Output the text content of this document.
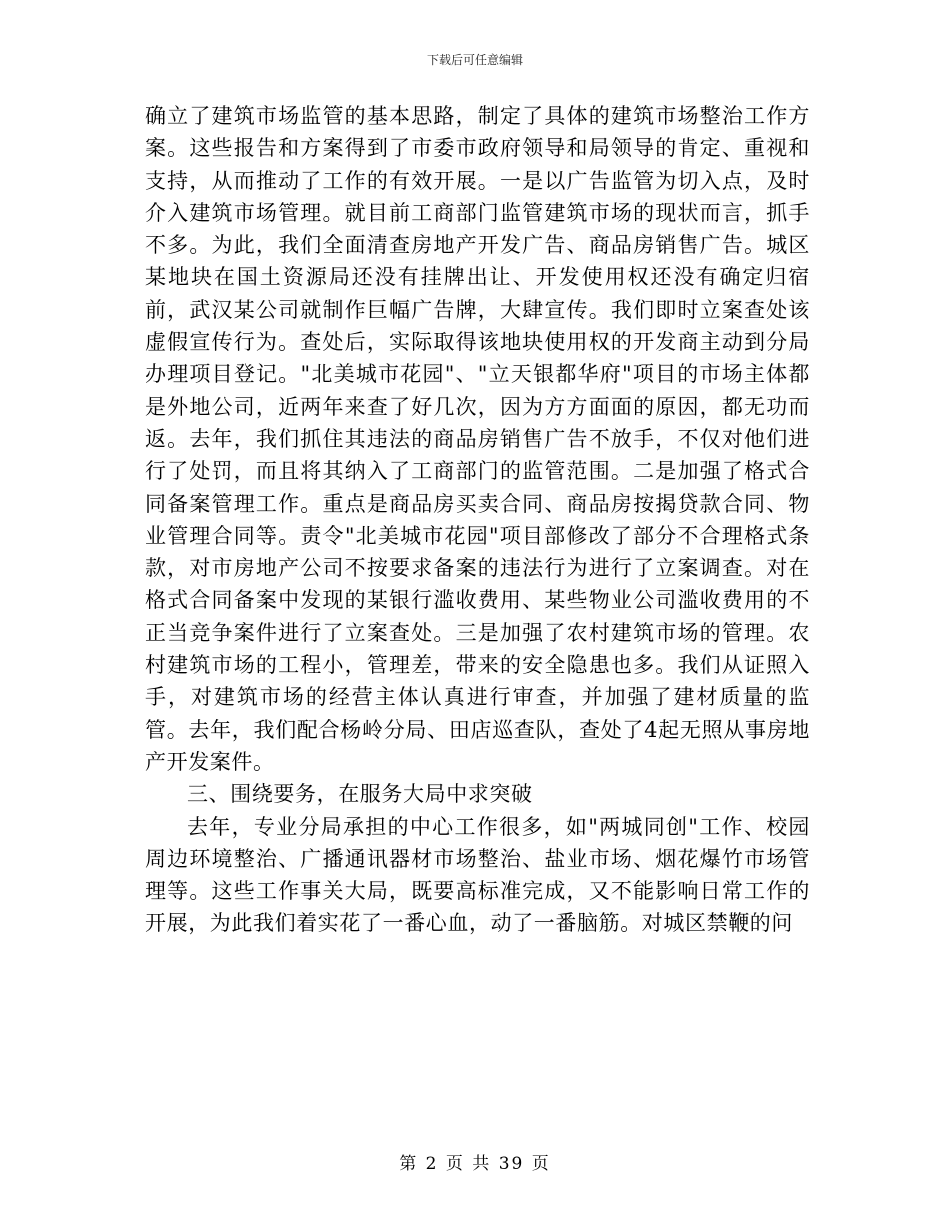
下载后可任意编辑

确立了建筑市场监管的基本思路，制定了具体的建筑市场整治工作方案。这些报告和方案得到了市委市政府领导和局领导的肯定、重视和支持，从而推动了工作的有效开展。一是以广告监管为切入点，及时介入建筑市场管理。就目前工商部门监管建筑市场的现状而言，抓手不多。为此，我们全面清查房地产开发广告、商品房销售广告。城区某地块在国土资源局还没有挂牌出让、开发使用权还没有确定归宿前，武汉某公司就制作巨幅广告牌，大肆宣传。我们即时立案查处该虚假宣传行为。查处后，实际取得该地块使用权的开发商主动到分局办理项目登记。"北美城市花园"、"立天银都华府"项目的市场主体都是外地公司，近两年来查了好几次，因为方方面面的原因，都无功而返。去年，我们抓住其违法的商品房销售广告不放手，不仅对他们进行了处罚，而且将其纳入了工商部门的监管范围。二是加强了格式合同备案管理工作。重点是商品房买卖合同、商品房按揭贷款合同、物业管理合同等。责令"北美城市花园"项目部修改了部分不合理格式条款，对市房地产公司不按要求备案的违法行为进行了立案调查。对在格式合同备案中发现的某银行滥收费用、某些物业公司滥收费用的不正当竞争案件进行了立案查处。三是加强了农村建筑市场的管理。农村建筑市场的工程小，管理差，带来的安全隐患也多。我们从证照入手，对建筑市场的经营主体认真进行审查，并加强了建材质量的监管。去年，我们配合杨岭分局、田店巡查队，查处了4起无照从事房地产开发案件。

三、围绕要务，在服务大局中求突破

去年，专业分局承担的中心工作很多，如"两城同创"工作、校园周边环境整治、广播通讯器材市场整治、盐业市场、烟花爆竹市场管理等。这些工作事关大局，既要高标准完成，又不能影响日常工作的开展，为此我们着实花了一番心血，动了一番脑筋。对城区禁鞭的问

第 2 页 共 39 页
